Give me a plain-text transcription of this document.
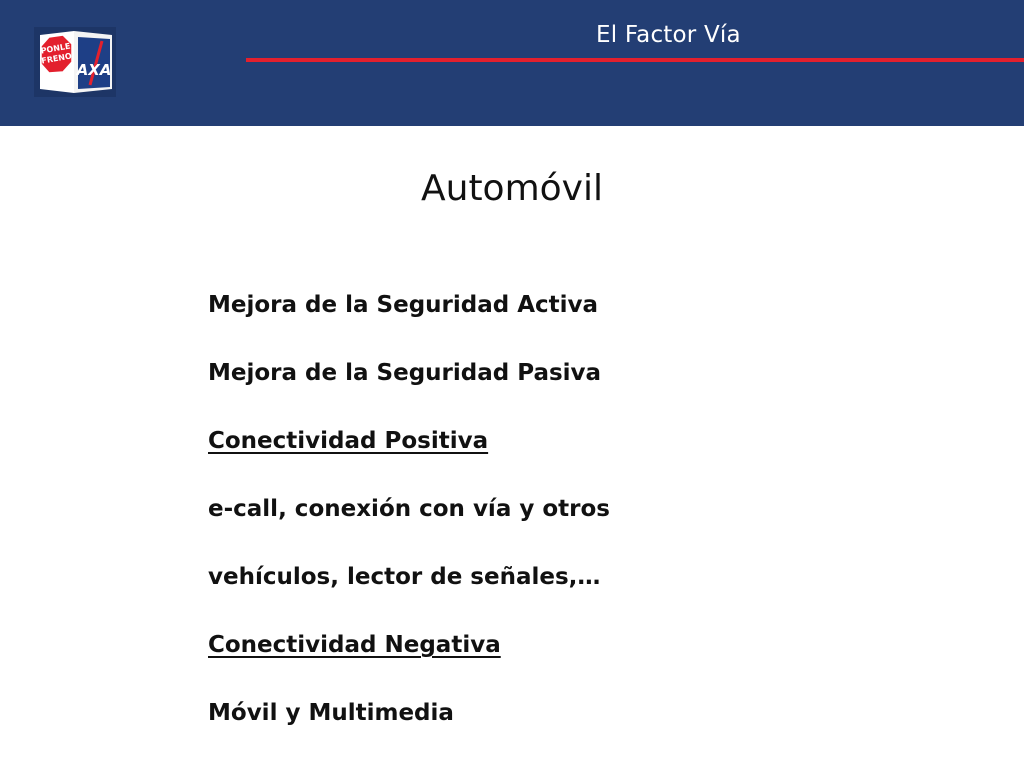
AXA
PONLE
FRENO
El Factor Vía
Automóvil
Mejora de la Seguridad Activa
Mejora de la Seguridad Pasiva
Conectividad Positiva
e-call, conexión con vía y otros
vehículos, lector de señales,…
Conectividad Negativa
Móvil y Multimedia
